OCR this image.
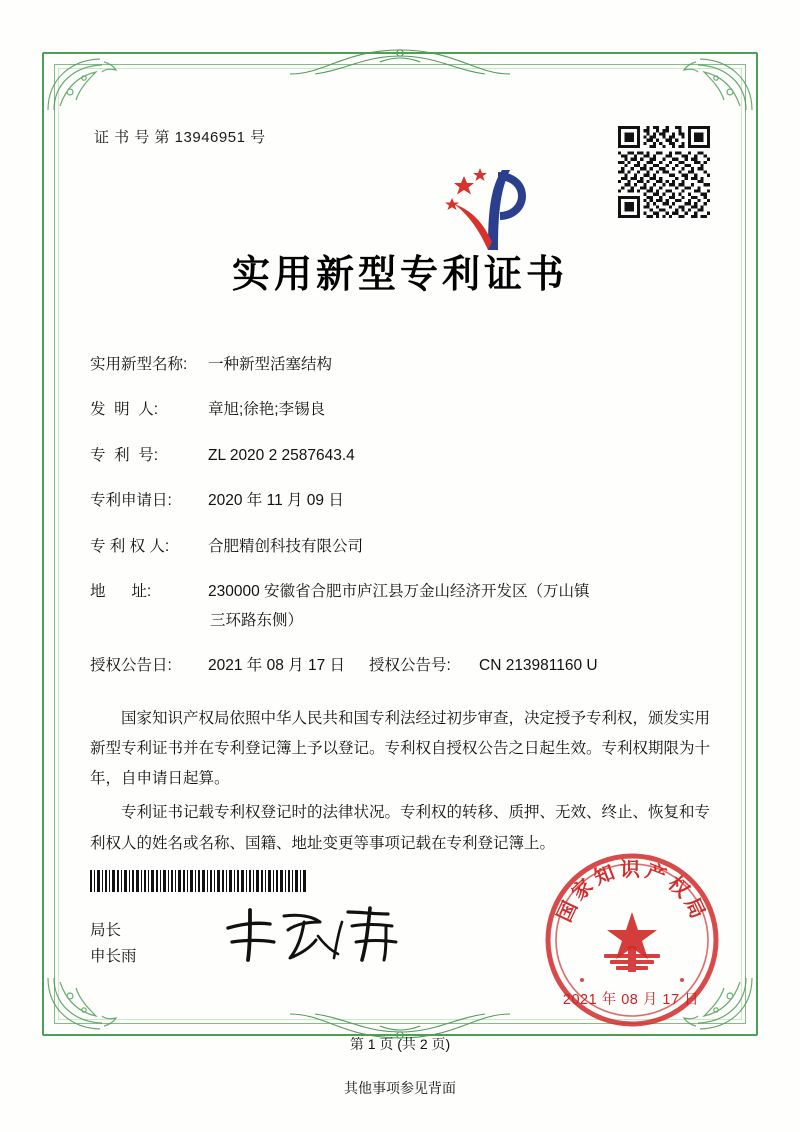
证 书 号 第 13946951 号
实用新型专利证书
实用新型名称:	一种新型活塞结构
发  明  人:	章旭;徐艳;李锡良
专  利  号:	ZL 2020 2 2587643.4
专利申请日:	2020 年 11 月 09 日
专 利 权 人:	合肥精创科技有限公司
地      址:	230000 安徽省合肥市庐江县万金山经济开发区（万山镇
三环路东侧）
授权公告日:	2021 年 08 月 17 日 授权公告号:	CN 213981160 U

国家知识产权局依照中华人民共和国专利法经过初步审查，决定授予专利权，颁发实用新型专利证书并在专利登记簿上予以登记。专利权自授权公告之日起生效。专利权期限为十年，自申请日起算。

专利证书记载专利权登记时的法律状况。专利权的转移、质押、无效、终止、恢复和专利权人的姓名或名称、国籍、地址变更等事项记载在专利登记簿上。

局长
申长雨
国家知识产权局
2021 年 08 月 17 日
第 1 页 (共 2 页)
其他事项参见背面
